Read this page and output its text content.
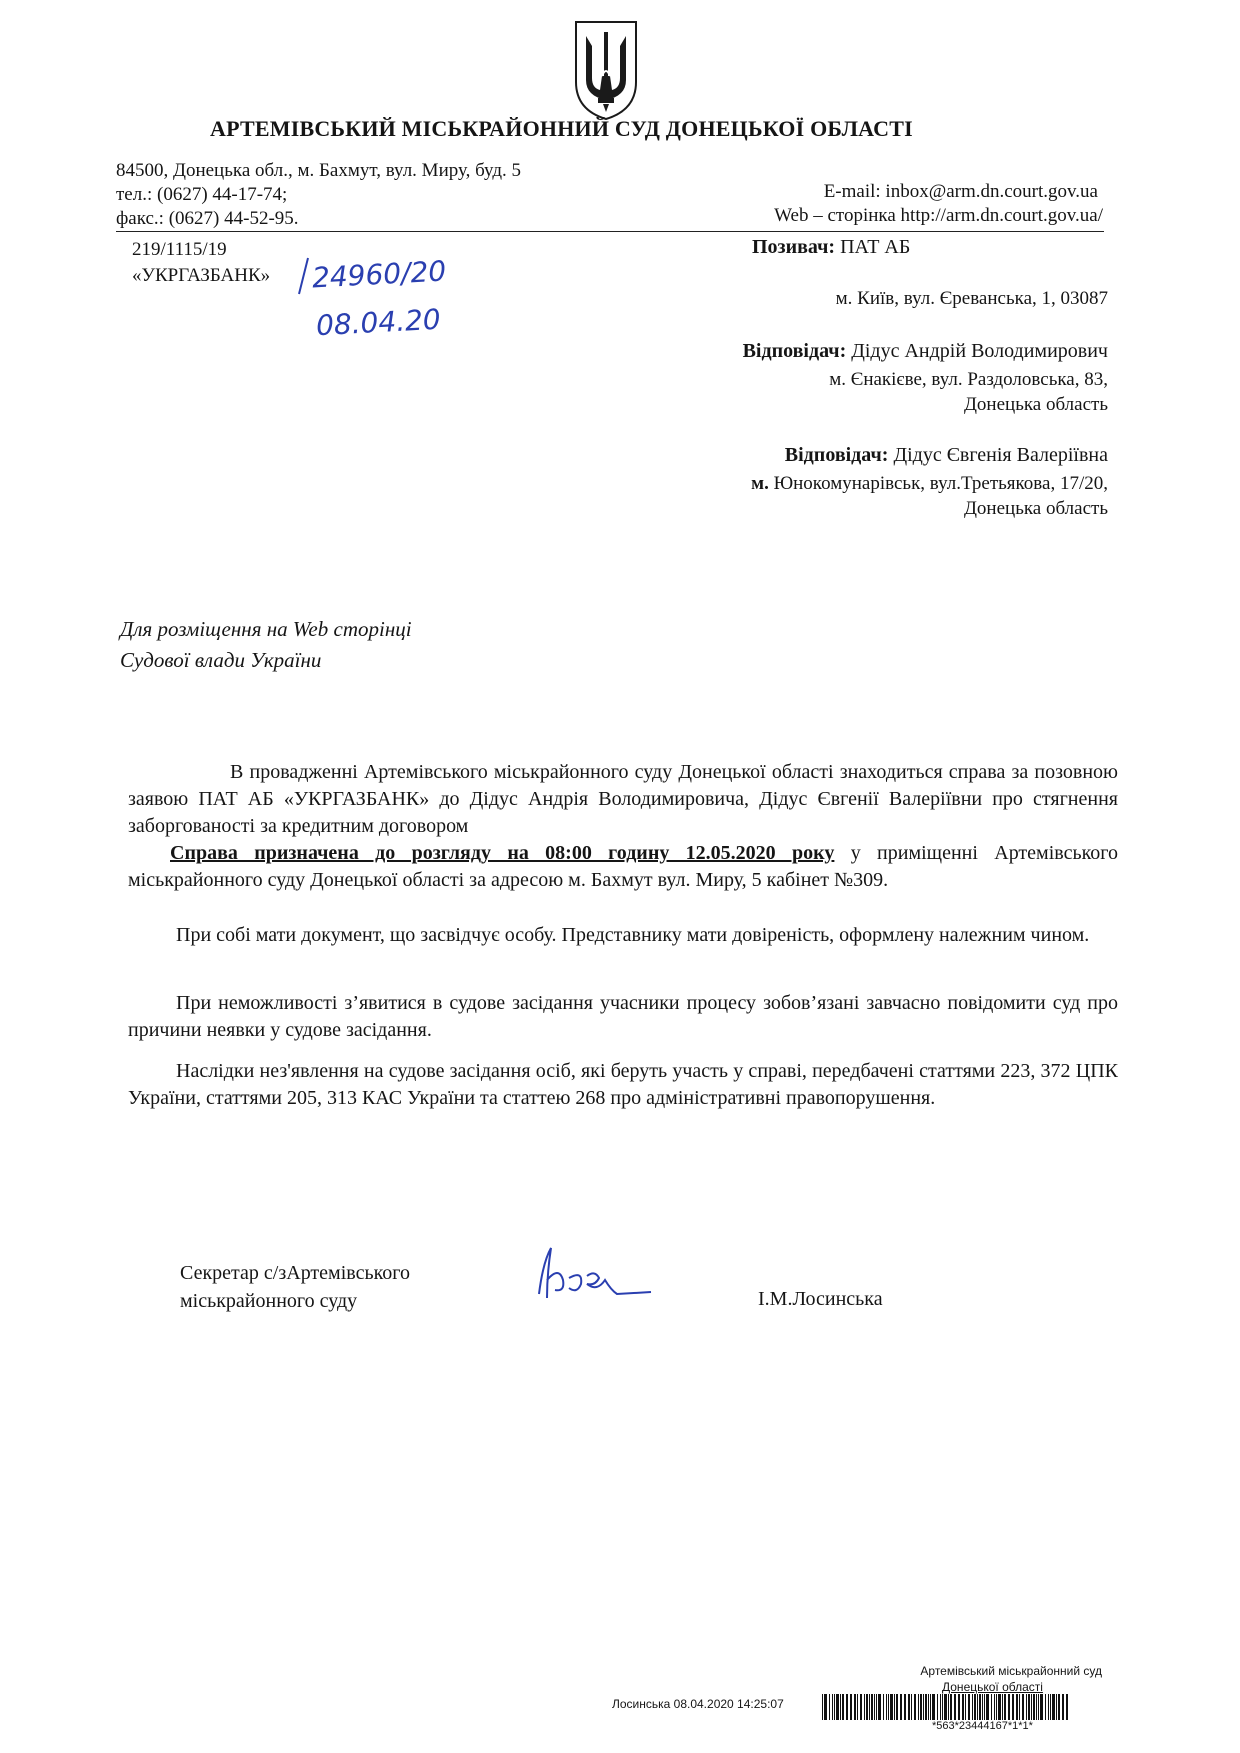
АРТЕМІВСЬКИЙ МІСЬКРАЙОННИЙ СУД ДОНЕЦЬКОЇ ОБЛАСТІ
84500, Донецька обл., м. Бахмут, вул. Миру, буд. 5
тел.: (0627) 44-17-74;
факс.: (0627) 44-52-95.
E-mail: inbox@arm.dn.court.gov.ua
Web – сторінка http://arm.dn.court.gov.ua/
219/1115/19
«УКРГАЗБАНК» 24960/20
08.04.20
Позивач: ПАТ АБ
м. Київ, вул. Єреванська, 1, 03087
Відповідач: Дідус Андрій Володимирович
м. Єнакієве, вул. Раздоловська, 83,
Донецька область
Відповідач: Дідус Євгенія Валеріївна
м. Юнокомунарівськ, вул.Третьякова, 17/20,
Донецька область
Для розміщення на Web сторінці
Судової влади України
В провадженні Артемівського міськрайонного суду Донецької області знаходиться справа за позовною заявою ПАТ АБ «УКРГАЗБАНК» до Дідус Андрія Володимировича, Дідус Євгенії Валеріївни про стягнення заборгованості за кредитним договором
Справа призначена до розгляду на 08:00 годину 12.05.2020 року у приміщенні Артемівського міськрайонного суду Донецької області за адресою м. Бахмут вул. Миру, 5 кабінет №309.
При собі мати документ, що засвідчує особу. Представнику мати довіреність, оформлену належним чином.
При неможливості з’явитися в судове засідання учасники процесу зобов’язані завчасно повідомити суд про причини неявки у судове засідання.
Наслідки нез'явлення на судове засідання осіб, які беруть участь у справі, передбачені статтями 223, 372 ЦПК України, статтями 205, 313 КАС України та статтею 268 про адміністративні правопорушення.
Секретар с/зАртемівського
міськрайонного суду	І.М.Лосинська
Артемівський міськрайонний суд
Донецької області
Лосинська 08.04.2020 14:25:07
*563*23444167*1*1*
